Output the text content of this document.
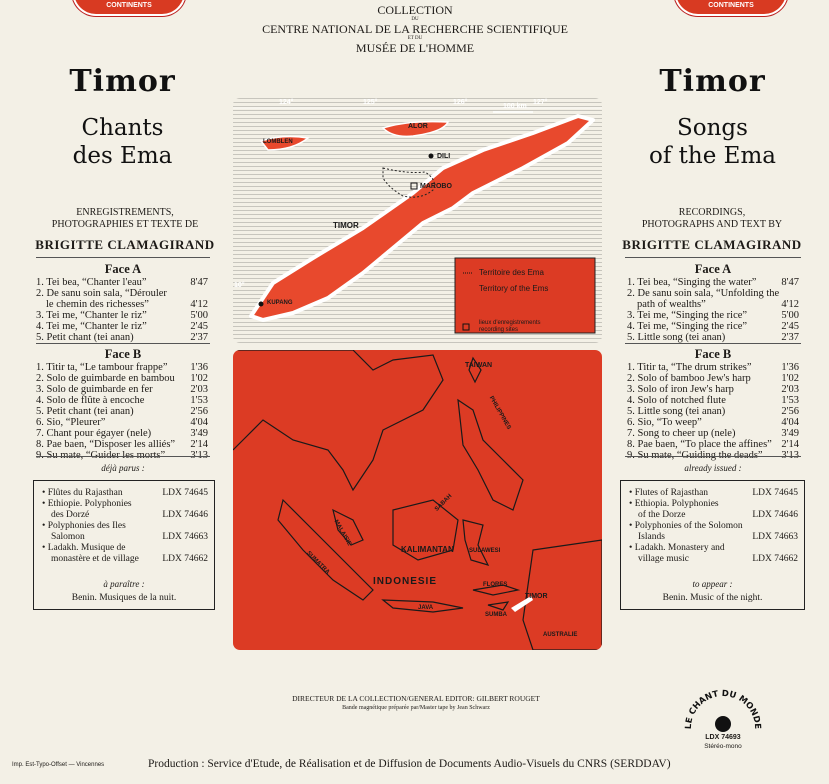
CONTINENTS	CONTINENTS
COLLECTION
DU
CENTRE NATIONAL DE LA RECHERCHE SCIENTIFIQUE
ET DU
MUSÉE DE L'HOMME
Timor
Chants
des Ema
ENREGISTREMENTS,
PHOTOGRAPHIES ET TEXTE DE
BRIGITTE CLAMAGIRAND
Face A
1. Tei bea, “Chanter l'eau”	8'47
2. De sanu soin sala, “Dérouler
le chemin des richesses”	4'12
3. Tei me, “Chanter le riz”	5'00
4. Tei me, “Chanter le riz”	2'45
5. Petit chant (tei anan)	2'37
Face B
1. Titir ta, “Le tambour frappe” 1'36
2. Solo de guimbarde en bambou 1'02
3. Solo de guimbarde en fer	2'03
4. Solo de flûte à encoche	1'53
5. Petit chant (tei anan)	2'56
6. Sio, “Pleurer”	4'04
7. Chant pour égayer (nele)	3'49
8. Pae baen, “Disposer les alliés” 2'14
9. Su mate, “Guider les morts” 3'13
déjà parus :
• Flûtes du Rajasthan	LDX 74645
• Ethiopie. Polyphonies
des Dorzé	LDX 74646
• Polyphonies des Iles
Salomon	LDX 74663
• Ladakh. Musique de
monastère et de village LDX 74662
à paraître :
Benin. Musiques de la nuit.
Timor
Songs
of the Ema
RECORDINGS,
PHOTOGRAPHS AND TEXT BY
BRIGITTE CLAMAGIRAND
Face A
1. Tei bea, “Singing the water” 8'47
2. De sanu soin sala, “Unfolding the
path of wealths”	4'12
3. Tei me, “Singing the rice”	5'00
4. Tei me, “Singing the rice”	2'45
5. Little song (tei anan)	2'37
Face B
1. Titir ta, “The drum strikes”	1'36
2. Solo of bamboo Jew's harp	1'02
3. Solo of iron Jew's harp	2'03
4. Solo of notched flute	1'53
5. Little song (tei anan)	2'56
6. Sio, “To weep”	4'04
7. Song to cheer up (nele)	3'49
8. Pae baen, “To place the affines” 2'14
9. Su mate, “Guiding the deads” 3'13
already issued :
• Flutes of Rajasthan	LDX 74645
• Ethiopia. Polyphonies
of the Dorze	LDX 74646
• Polyphonies of the Solomon
Islands	LDX 74663
• Ladakh. Monastery and
village music	LDX 74662
to appear :
Benin. Music of the night.
124°	125°	126°	127°
100 km
10°
ALOR
LOMBLEN
DILI
MAROBO
TIMOR
KUPANG
Territoire des Ema
Territory of the Ems
lieux d'enregistrements
recording sites
TAIWAN
PHILIPPINES
MALAISIE
SABAH
KALIMANTAN	SULAWESI
SUMATRA
INDONESIE
JAVA
FLORES
SUMBA
TIMOR
AUSTRALIE
DIRECTEUR DE LA COLLECTION/GENERAL EDITOR: GILBERT ROUGET
Bande magnétique préparée par/Master tape by Jean Schwarz
LE CHANT DU MONDE
LDX 74693
Stéréo-mono
Imp. Est-Typo-Offset — Vincennes	Production : Service d'Etude, de Réalisation et de Diffusion de Documents Audio-Visuels du CNRS (SERDDAV)
